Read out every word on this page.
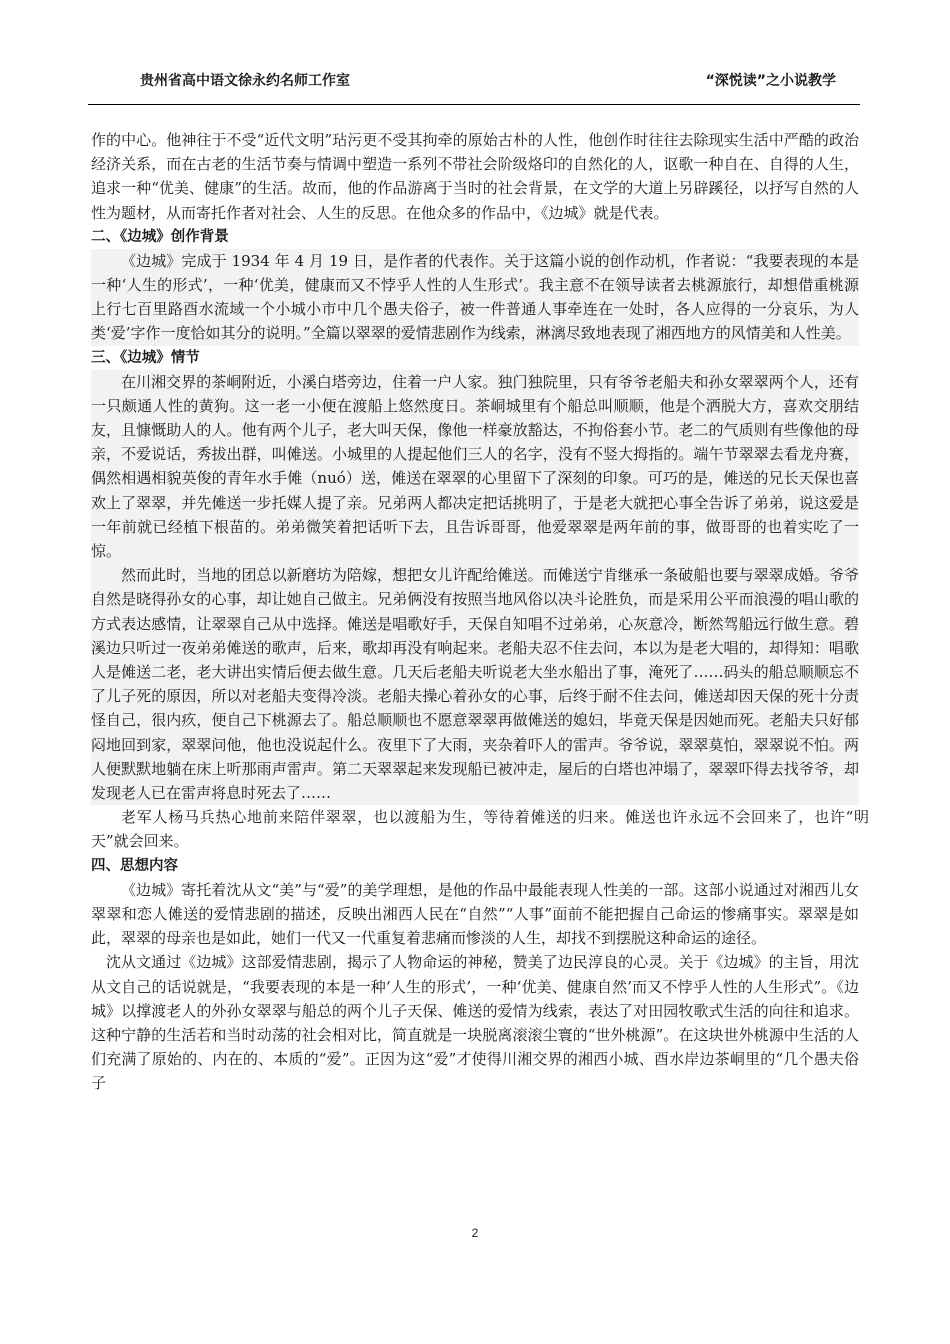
贵州省高中语文徐永约名师工作室	“深悦读”之小说教学

作的中心。他神往于不受“近代文明”玷污更不受其拘牵的原始古朴的人性，他创作时往往去除现实生活中严酷的政治经济关系，而在古老的生活节奏与情调中塑造一系列不带社会阶级烙印的自然化的人，讴歌一种自在、自得的人生，追求一种“优美、健康”的生活。故而，他的作品游离于当时的社会背景，在文学的大道上另辟蹊径，以抒写自然的人性为题材，从而寄托作者对社会、人生的反思。在他众多的作品中，《边城》就是代表。

二、《边城》创作背景

《边城》完成于 1934 年 4 月 19 日，是作者的代表作。关于这篇小说的创作动机，作者说：“我要表现的本是一种‘人生的形式’，一种‘优美，健康而又不悖乎人性的人生形式’。我主意不在领导读者去桃源旅行，却想借重桃源上行七百里路酉水流域一个小城小市中几个愚夫俗子，被一件普通人事牵连在一处时，各人应得的一分哀乐，为人类‘爱’字作一度恰如其分的说明。”全篇以翠翠的爱情悲剧作为线索，淋漓尽致地表现了湘西地方的风情美和人性美。

三、《边城》情节

在川湘交界的茶峒附近，小溪白塔旁边，住着一户人家。独门独院里，只有爷爷老船夫和孙女翠翠两个人，还有一只颇通人性的黄狗。这一老一小便在渡船上悠然度日。茶峒城里有个船总叫顺顺，他是个洒脱大方，喜欢交朋结友，且慷慨助人的人。他有两个儿子，老大叫天保，像他一样豪放豁达，不拘俗套小节。老二的气质则有些像他的母亲，不爱说话，秀拔出群，叫傩送。小城里的人提起他们三人的名字，没有不竖大拇指的。端午节翠翠去看龙舟赛，偶然相遇相貌英俊的青年水手傩（nuó）送，傩送在翠翠的心里留下了深刻的印象。可巧的是，傩送的兄长天保也喜欢上了翠翠，并先傩送一步托媒人提了亲。兄弟两人都决定把话挑明了，于是老大就把心事全告诉了弟弟，说这爱是一年前就已经植下根苗的。弟弟微笑着把话听下去，且告诉哥哥，他爱翠翠是两年前的事，做哥哥的也着实吃了一惊。

然而此时，当地的团总以新磨坊为陪嫁，想把女儿许配给傩送。而傩送宁肯继承一条破船也要与翠翠成婚。爷爷自然是晓得孙女的心事，却让她自己做主。兄弟俩没有按照当地风俗以决斗论胜负，而是采用公平而浪漫的唱山歌的方式表达感情，让翠翠自己从中选择。傩送是唱歌好手，天保自知唱不过弟弟，心灰意冷，断然驾船远行做生意。碧溪边只听过一夜弟弟傩送的歌声，后来，歌却再没有响起来。老船夫忍不住去问，本以为是老大唱的，却得知：唱歌人是傩送二老，老大讲出实情后便去做生意。几天后老船夫听说老大坐水船出了事，淹死了……码头的船总顺顺忘不了儿子死的原因，所以对老船夫变得冷淡。老船夫操心着孙女的心事，后终于耐不住去问，傩送却因天保的死十分责怪自己，很内疚，便自己下桃源去了。船总顺顺也不愿意翠翠再做傩送的媳妇，毕竟天保是因她而死。老船夫只好郁闷地回到家，翠翠问他，他也没说起什么。夜里下了大雨，夹杂着吓人的雷声。爷爷说，翠翠莫怕，翠翠说不怕。两人便默默地躺在床上听那雨声雷声。第二天翠翠起来发现船已被冲走，屋后的白塔也冲塌了，翠翠吓得去找爷爷，却发现老人已在雷声将息时死去了……

老军人杨马兵热心地前来陪伴翠翠，也以渡船为生，等待着傩送的归来。傩送也许永远不会回来了，也许“明天”就会回来。

四、思想内容

《边城》寄托着沈从文“美”与“爱”的美学理想，是他的作品中最能表现人性美的一部。这部小说通过对湘西儿女翠翠和恋人傩送的爱情悲剧的描述，反映出湘西人民在“自然”“人事”面前不能把握自己命运的惨痛事实。翠翠是如此，翠翠的母亲也是如此，她们一代又一代重复着悲痛而惨淡的人生，却找不到摆脱这种命运的途径。

沈从文通过《边城》这部爱情悲剧，揭示了人物命运的神秘，赞美了边民淳良的心灵。关于《边城》的主旨，用沈从文自己的话说就是，“我要表现的本是一种‘人生的形式’，一种‘优美、健康自然’而又不悖乎人性的人生形式”。《边城》以撑渡老人的外孙女翠翠与船总的两个儿子天保、傩送的爱情为线索，表达了对田园牧歌式生活的向往和追求。这种宁静的生活若和当时动荡的社会相对比，简直就是一块脱离滚滚尘寰的“世外桃源”。在这块世外桃源中生活的人们充满了原始的、内在的、本质的“爱”。正因为这“爱”才使得川湘交界的湘西小城、酉水岸边茶峒里的“几个愚夫俗子

2
